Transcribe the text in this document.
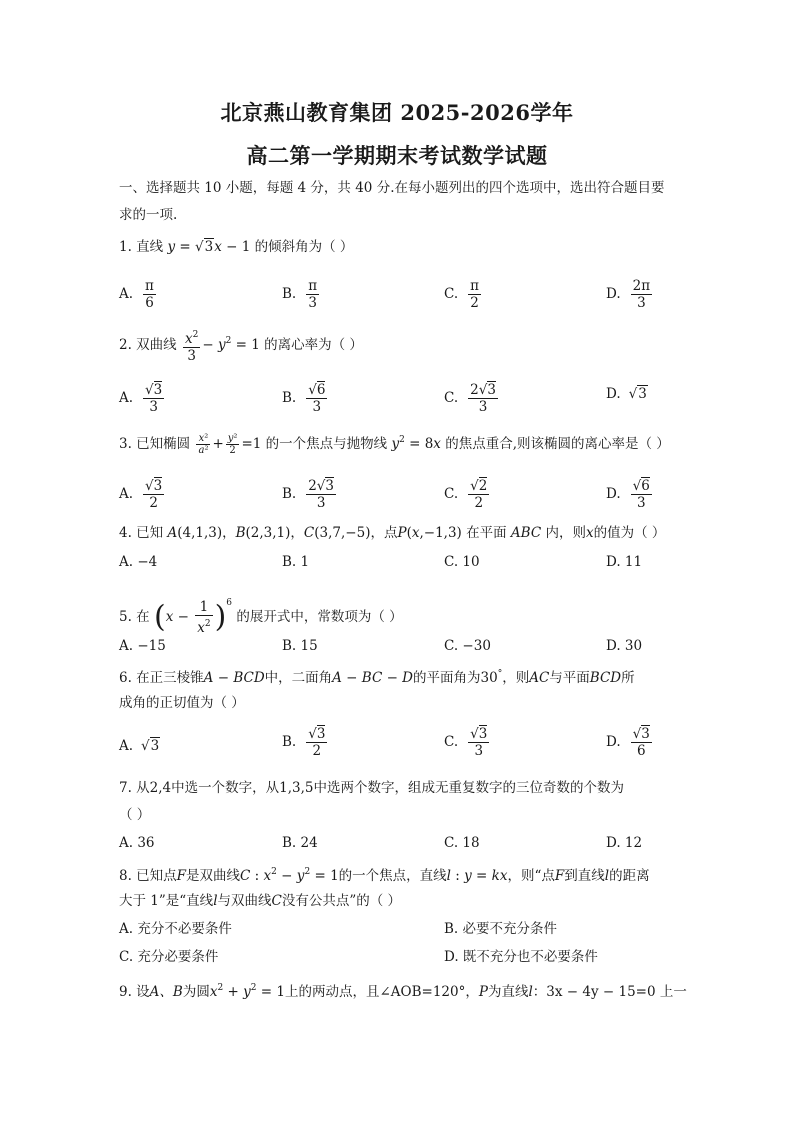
北京燕山教育集团 2025-2026学年
高二第一学期期末考试数学试题
一、选择题共 10 小题，每题 4 分，共 40 分.在每小题列出的四个选项中，选出符合题目要
求的一项.
1. 直线 y = √3x − 1 的倾斜角为（ ）
A. $\frac{\pi}{6}$	B. $\frac{\pi}{3}$	C. $\frac{\pi}{2}$	D. $\frac{2\pi}{3}$
2. 双曲线 $\frac{x^2}{3} - y^2 = 1$ 的离心率为（ ）
A. $\frac{√3}{3}$	B. $\frac{√6}{3}$	C. $\frac{2√3}{3}$	D. √3
3. 已知椭圆 $\frac{\text{x²}}{\text{a²}} + \frac{\text{y²}}{2} =1$ 的一个焦点与抛物线 $y^2 = 8x$ 的焦点重合,则该椭圆的离心率是（ ）
A. $\frac{√3}{2}$	B. $\frac{2√3}{3}$	C. $\frac{√2}{2}$	D. $\frac{√6}{3}$
4. 已知 A(4,1,3)，B(2,3,1)，C(3,7,−5)，点P(x,−1,3) 在平面 ABC 内，则x的值为（ ）
A. −4	B. 1	C. 10	D. 11
5. 在 $(x - \frac{1}{x^2} )^6$ 的展开式中，常数项为（ ）
A. −15	B. 15	C. −30	D. 30
6. 在正三棱锥A − BCD中，二面角A − BC − D的平面角为30°，则AC与平面BCD所
成角的正切值为（ ）
A. √3	B. $\frac{√3}{2}$	C. $\frac{√3}{3}$	D. $\frac{√3}{6}$
7. 从2,4中选一个数字，从1,3,5中选两个数字，组成无重复数字的三位奇数的个数为
（ ）
A. 36	B. 24	C. 18	D. 12
8. 已知点F是双曲线C : $x^2 - y^2 = 1$的一个焦点，直线l : y = kx，则“点F到直线l的距离
大于 1”是“直线l与双曲线C没有公共点”的（ ）
A. 充分不必要条件	B. 必要不充分条件
C. 充分必要条件	D. 既不充分也不必要条件
9. 设A、B为圆$x^2 + y^2 = 1$上的两动点，且∠AOB=120°，P为直线l：3x − 4y − 15=0 上一
